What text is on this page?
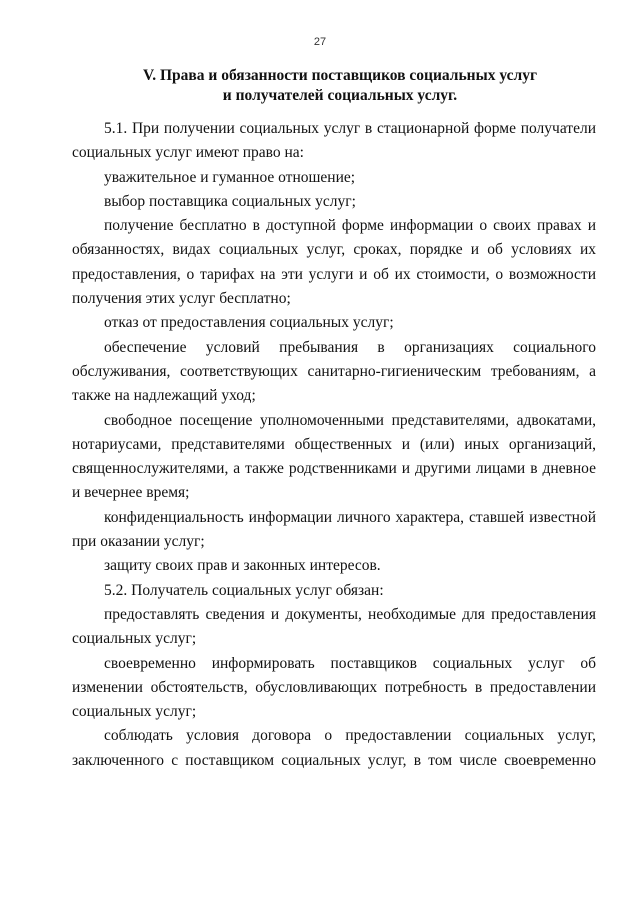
27
V. Права и обязанности поставщиков социальных услуг
и получателей социальных услуг.

5.1. При получении социальных услуг в стационарной форме получатели социальных услуг имеют право на:

уважительное и гуманное отношение;

выбор поставщика социальных услуг;

получение бесплатно в доступной форме информации о своих правах и обязанностях, видах социальных услуг, сроках, порядке и об условиях их предоставления, о тарифах на эти услуги и об их стоимости, о возможности получения этих услуг бесплатно;

отказ от предоставления социальных услуг;

обеспечение условий пребывания в организациях социального обслуживания, соответствующих санитарно-гигиеническим требованиям, а также на надлежащий уход;

свободное посещение уполномоченными представителями, адвокатами, нотариусами, представителями общественных и (или) иных организаций, священнослужителями, а также родственниками и другими лицами в дневное и вечернее время;

конфиденциальность информации личного характера, ставшей известной при оказании услуг;

защиту своих прав и законных интересов.

5.2. Получатель социальных услуг обязан:

предоставлять сведения и документы, необходимые для предоставления социальных услуг;

своевременно информировать поставщиков социальных услуг об изменении обстоятельств, обусловливающих потребность в предоставлении социальных услуг;

соблюдать условия договора о предоставлении социальных услуг, заключенного с поставщиком социальных услуг, в том числе своевременно
